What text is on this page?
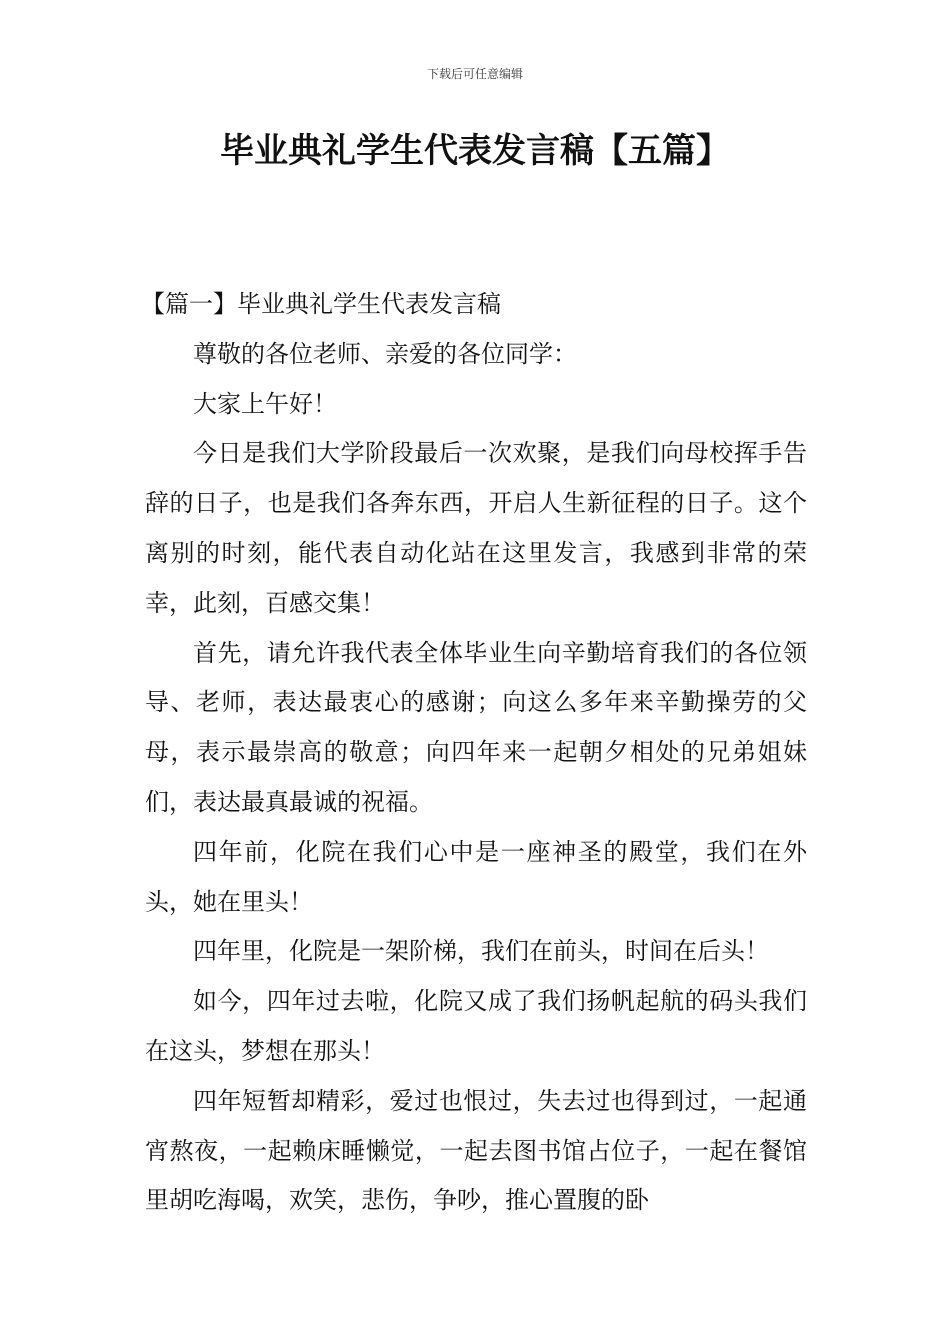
下载后可任意编辑
毕业典礼学生代表发言稿【五篇】

【篇一】毕业典礼学生代表发言稿

尊敬的各位老师、亲爱的各位同学：

大家上午好！

今日是我们大学阶段最后一次欢聚，是我们向母校挥手告辞的日子，也是我们各奔东西，开启人生新征程的日子。这个离别的时刻，能代表自动化站在这里发言，我感到非常的荣幸，此刻，百感交集！

首先，请允许我代表全体毕业生向辛勤培育我们的各位领导、老师，表达最衷心的感谢；向这么多年来辛勤操劳的父母，表示最崇高的敬意；向四年来一起朝夕相处的兄弟姐妹们，表达最真最诚的祝福。

四年前，化院在我们心中是一座神圣的殿堂，我们在外头，她在里头！

四年里，化院是一架阶梯，我们在前头，时间在后头！

如今，四年过去啦，化院又成了我们扬帆起航的码头我们在这头，梦想在那头！

四年短暂却精彩，爱过也恨过，失去过也得到过，一起通宵熬夜，一起赖床睡懒觉，一起去图书馆占位子，一起在餐馆里胡吃海喝，欢笑，悲伤，争吵，推心置腹的卧
